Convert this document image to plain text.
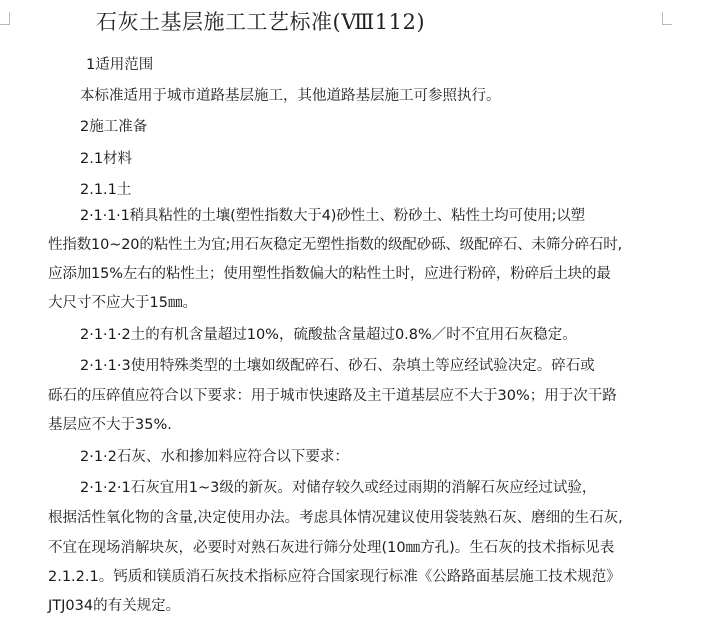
石灰土基层施工工艺标准(Ⅷ112)
1适用范围
本标准适用于城市道路基层施工，其他道路基层施工可参照执行。
2施工准备
2.1材料
2.1.1土
2·1·1·1稍具粘性的土壤(塑性指数大于4)砂性土、粉砂土、粘性土均可使用;以塑
性指数10~20的粘性土为宜;用石灰稳定无塑性指数的级配砂砾、级配碎石、未筛分碎石时,
应添加15%左右的粘性土；使用塑性指数偏大的粘性土时，应进行粉碎，粉碎后土块的最
大尺寸不应大于15㎜。
2·1·1·2土的有机含量超过10%，硫酸盐含量超过0.8%／时不宜用石灰稳定。
2·1·1·3使用特殊类型的土壤如级配碎石、砂石、杂填土等应经试验决定。碎石或
砾石的压碎值应符合以下要求：用于城市快速路及主干道基层应不大于30%；用于次干路
基层应不大于35%.
2·1·2石灰、水和掺加料应符合以下要求：
2·1·2·1石灰宜用1~3级的新灰。对储存较久或经过雨期的消解石灰应经过试验，
根据活性氧化物的含量,决定使用办法。考虑具体情况建议使用袋装熟石灰、磨细的生石灰,
不宜在现场消解块灰，必要时对熟石灰进行筛分处理(10㎜方孔)。生石灰的技术指标见表
2.1.2.1。钙质和镁质消石灰技术指标应符合国家现行标准《公路路面基层施工技术规范》
JTJ034的有关规定。
